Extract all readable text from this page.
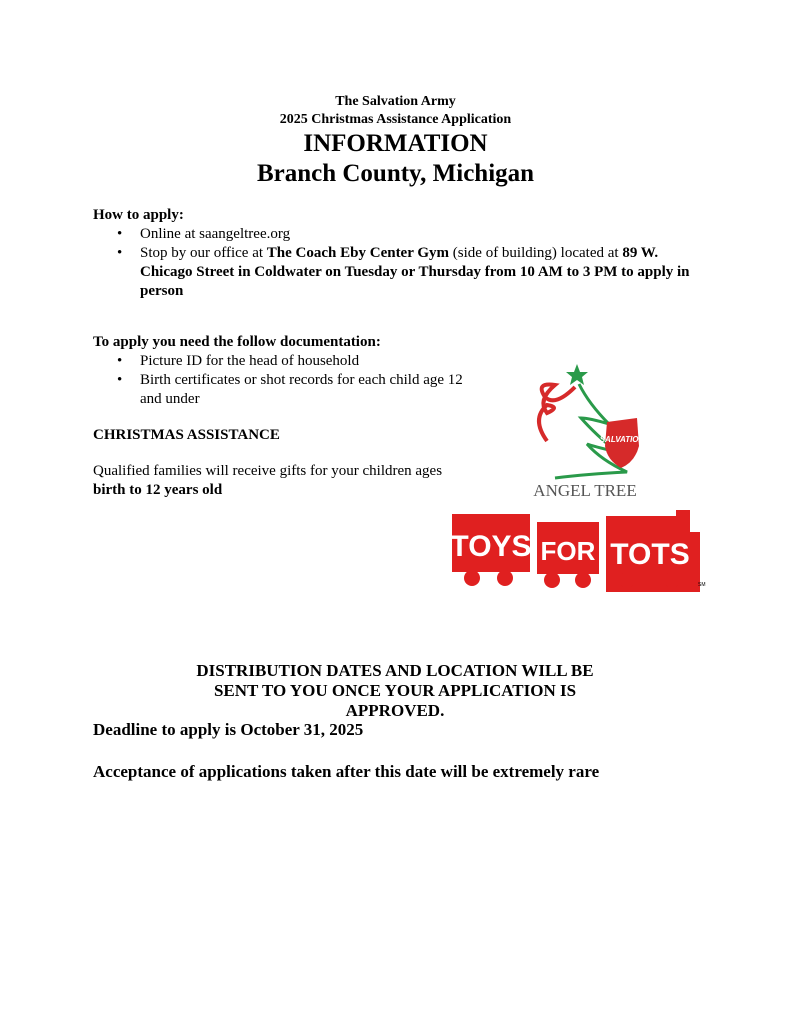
The Salvation Army
2025 Christmas Assistance Application
INFORMATION
Branch County, Michigan
How to apply:
• Online at saangeltree.org
• Stop by our office at The Coach Eby Center Gym (side of building) located at 89 W. Chicago Street in Coldwater on Tuesday or Thursday from 10 AM to 3 PM to apply in person
To apply you need the follow documentation:
• Picture ID for the head of household
• Birth certificates or shot records for each child age 12 and under
CHRISTMAS ASSISTANCE
Qualified families will receive gifts for your children ages
birth to 12 years old
SALVATION
ANGEL TREE
TOYS FOR TOTS
SM
DISTRIBUTION DATES AND LOCATION WILL BE SENT TO YOU ONCE YOUR APPLICATION IS APPROVED.
Deadline to apply is October 31, 2025
Acceptance of applications taken after this date will be extremely rare
